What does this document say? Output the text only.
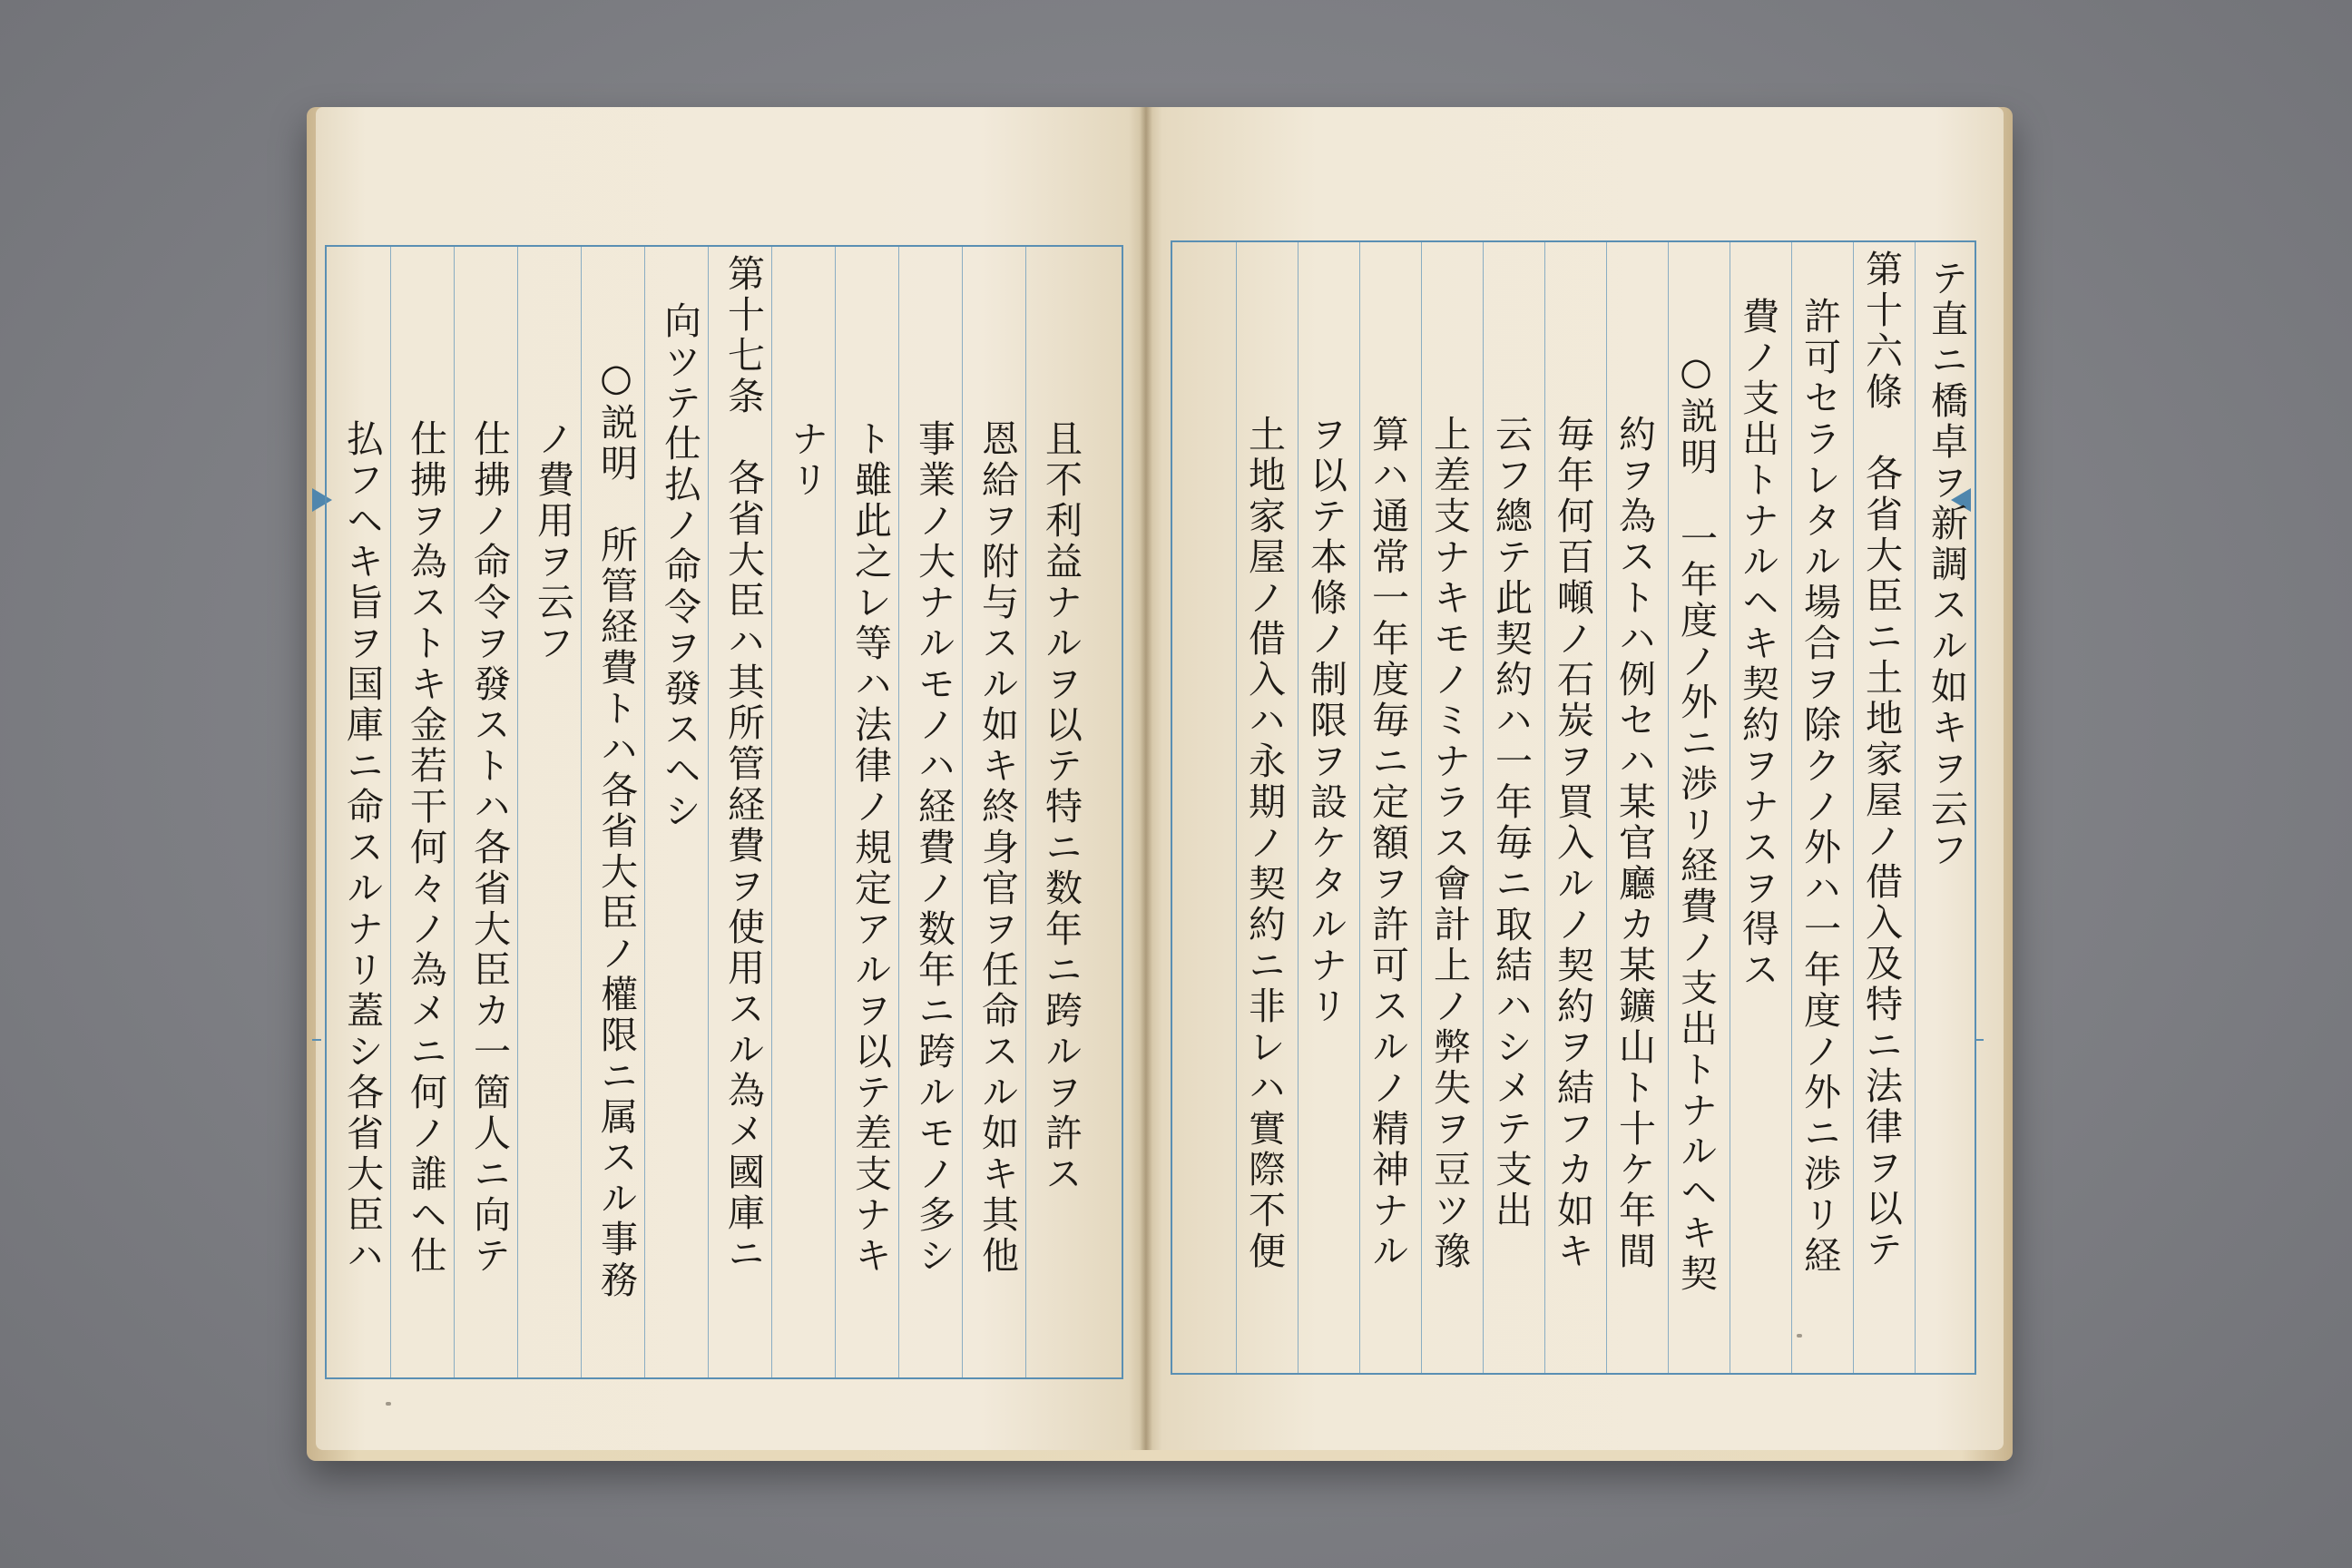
テ直ニ橋卓ヲ新調スル如キヲ云フ
第十六條　各省大臣ニ土地家屋ノ借入及特ニ法律ヲ以テ
許可セラレタル場合ヲ除クノ外ハ一年度ノ外ニ渉リ経
費ノ支出トナルヘキ契約ヲナスヲ得ス
○説明　一年度ノ外ニ渉リ経費ノ支出トナルヘキ契
約ヲ為ストハ例セハ某官廳カ某鑛山ト十ケ年間
毎年何百噸ノ石炭ヲ買入ルノ契約ヲ結フカ如キ
云フ總テ此契約ハ一年毎ニ取結ハシメテ支出
上差支ナキモノミナラス會計上ノ弊失ヲ豆ツ豫
算ハ通常一年度毎ニ定額ヲ許可スルノ精神ナル
ヲ以テ本條ノ制限ヲ設ケタルナリ
土地家屋ノ借入ハ永期ノ契約ニ非レハ實際不便
且不利益ナルヲ以テ特ニ数年ニ跨ルヲ許ス
恩給ヲ附与スル如キ終身官ヲ任命スル如キ其他
事業ノ大ナルモノハ経費ノ数年ニ跨ルモノ多シ
ト雖此之レ等ハ法律ノ規定アルヲ以テ差支ナキ
ナリ
第十七条　各省大臣ハ其所管経費ヲ使用スル為メ國庫ニ
向ツテ仕払ノ命令ヲ發スヘシ
○説明　所管経費トハ各省大臣ノ權限ニ属スル事務
ノ費用ヲ云フ
仕拂ノ命令ヲ發ストハ各省大臣カ一箇人ニ向テ
仕拂ヲ為ストキ金若干何々ノ為メニ何ノ誰ヘ仕
払フヘキ旨ヲ国庫ニ命スルナリ蓋シ各省大臣ハ
